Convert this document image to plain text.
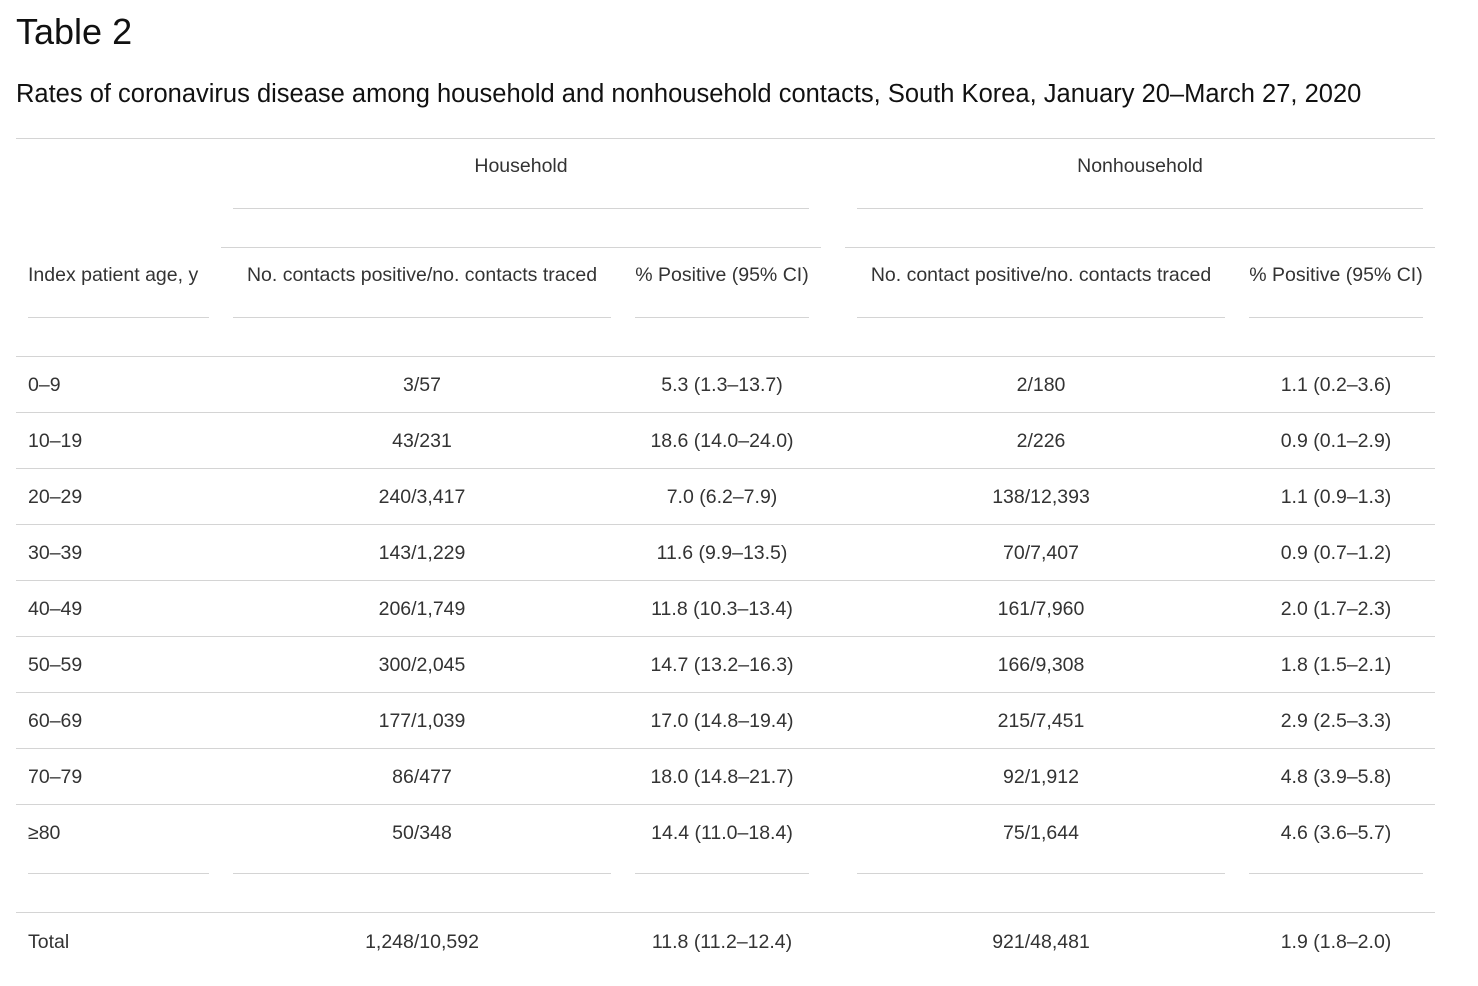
Table 2

Rates of coronavirus disease among household and nonhousehold contacts, South Korea, January 20–March 27, 2020

Household	Nonhousehold
Index patient age, y	No. contacts positive/no. contacts traced	% Positive (95% CI)	No. contact positive/no. contacts traced	% Positive (95% CI)
0–9	3/57	5.3 (1.3–13.7)	2/180	1.1 (0.2–3.6)
10–19	43/231	18.6 (14.0–24.0)	2/226	0.9 (0.1–2.9)
20–29	240/3,417	7.0 (6.2–7.9)	138/12,393	1.1 (0.9–1.3)
30–39	143/1,229	11.6 (9.9–13.5)	70/7,407	0.9 (0.7–1.2)
40–49	206/1,749	11.8 (10.3–13.4)	161/7,960	2.0 (1.7–2.3)
50–59	300/2,045	14.7 (13.2–16.3)	166/9,308	1.8 (1.5–2.1)
60–69	177/1,039	17.0 (14.8–19.4)	215/7,451	2.9 (2.5–3.3)
70–79	86/477	18.0 (14.8–21.7)	92/1,912	4.8 (3.9–5.8)
≥80	50/348	14.4 (11.0–18.4)	75/1,644	4.6 (3.6–5.7)
Total	1,248/10,592	11.8 (11.2–12.4)	921/48,481	1.9 (1.8–2.0)
